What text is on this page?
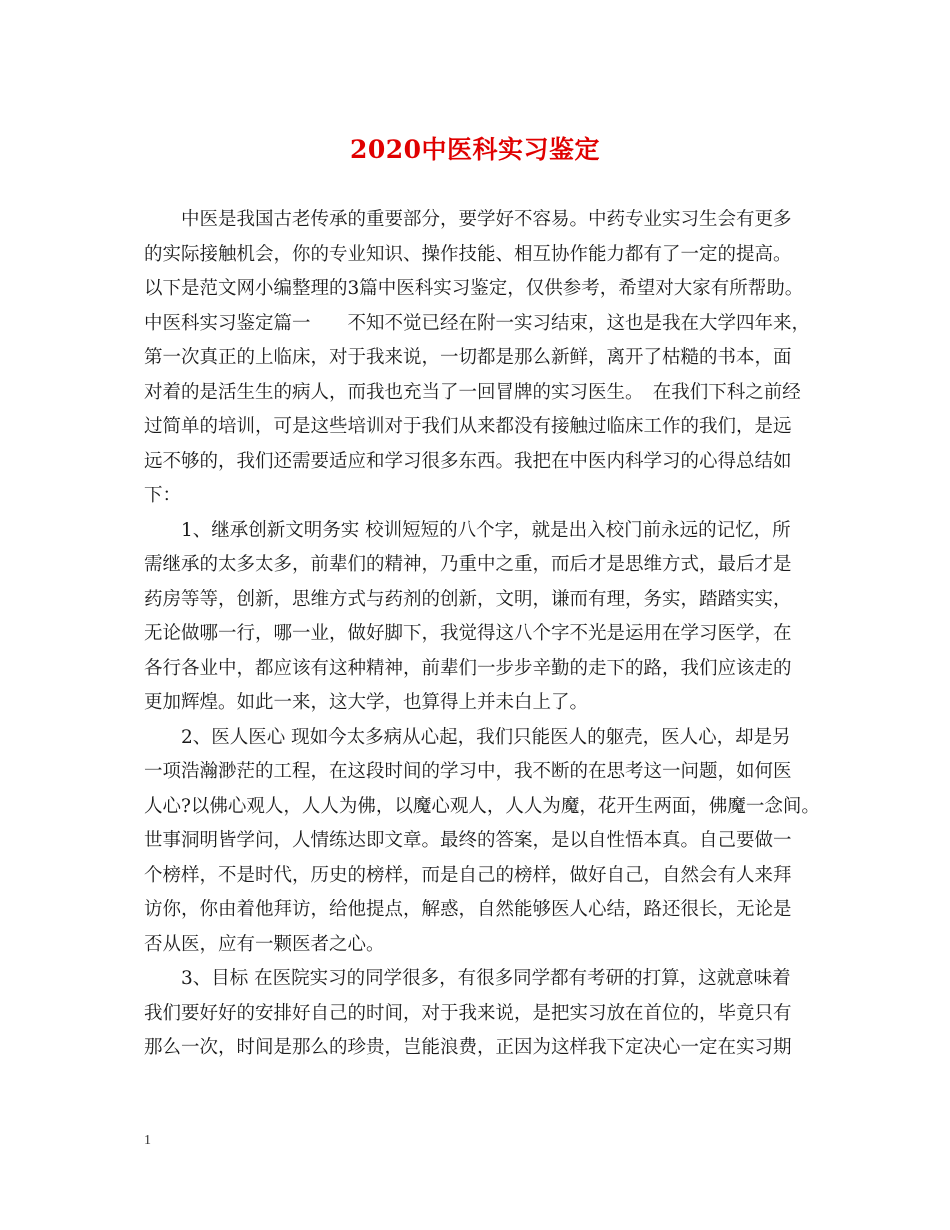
2020中医科实习鉴定
中医是我国古老传承的重要部分，要学好不容易。中药专业实习生会有更多
的实际接触机会，你的专业知识、操作技能、相互协作能力都有了一定的提高。
以下是范文网小编整理的3篇中医科实习鉴定，仅供参考，希望对大家有所帮助。
中医科实习鉴定篇一　　不知不觉已经在附一实习结束，这也是我在大学四年来，
第一次真正的上临床，对于我来说，一切都是那么新鲜，离开了枯糙的书本，面
对着的是活生生的病人，而我也充当了一回冒牌的实习医生。　在我们下科之前经
过简单的培训，可是这些培训对于我们从来都没有接触过临床工作的我们，是远
远不够的，我们还需要适应和学习很多东西。我把在中医内科学习的心得总结如
下：
1、继承创新文明务实 校训短短的八个字，就是出入校门前永远的记忆，所
需继承的太多太多，前辈们的精神，乃重中之重，而后才是思维方式，最后才是
药房等等，创新，思维方式与药剂的创新，文明，谦而有理，务实，踏踏实实，
无论做哪一行，哪一业，做好脚下，我觉得这八个字不光是运用在学习医学，在
各行各业中，都应该有这种精神，前辈们一步步辛勤的走下的路，我们应该走的
更加辉煌。如此一来，这大学，也算得上并未白上了。
2、医人医心 现如今太多病从心起，我们只能医人的躯壳，医人心，却是另
一项浩瀚渺茫的工程，在这段时间的学习中，我不断的在思考这一问题，如何医
人心?以佛心观人，人人为佛，以魔心观人，人人为魔，花开生两面，佛魔一念间。
世事洞明皆学问，人情练达即文章。最终的答案，是以自性悟本真。自己要做一
个榜样，不是时代，历史的榜样，而是自己的榜样，做好自己，自然会有人来拜
访你，你由着他拜访，给他提点，解惑，自然能够医人心结，路还很长，无论是
否从医，应有一颗医者之心。
3、目标 在医院实习的同学很多，有很多同学都有考研的打算，这就意味着
我们要好好的安排好自己的时间，对于我来说，是把实习放在首位的，毕竟只有
那么一次，时间是那么的珍贵，岂能浪费，正因为这样我下定决心一定在实习期
1
